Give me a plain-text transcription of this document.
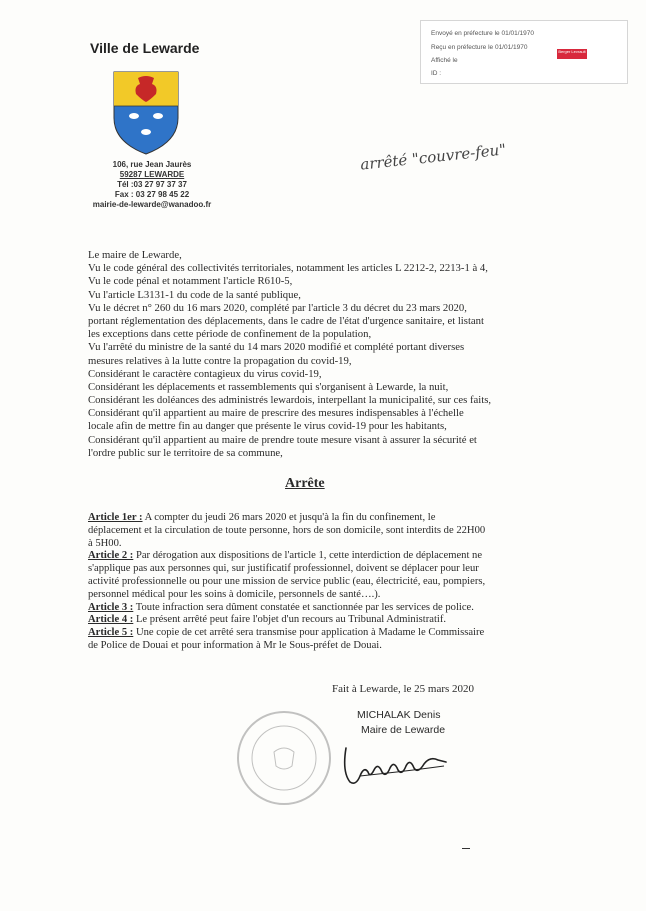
Ville de Lewarde
106, rue Jean Jaurès
59287 LEWARDE
Tél :03 27 97 37 37
Fax : 03 27 98 45 22
mairie-de-lewarde@wanadoo.fr
Envoyé en préfecture le 01/01/1970
Reçu en préfecture le 01/01/1970
Affiché le
ID :
Berger Levrault
arrêté "couvre-feu"
Le maire de Lewarde,
Vu le code général des collectivités territoriales, notamment les articles L 2212-2, 2213-1 à 4,
Vu le code pénal et notamment l'article R610-5,
Vu l'article L3131-1 du code de la santé publique,
Vu le décret n° 260 du 16 mars 2020, complété par l'article 3 du décret du 23 mars 2020,
portant réglementation des déplacements, dans le cadre de l'état d'urgence sanitaire, et listant
les exceptions dans cette période de confinement de la population,
Vu l'arrêté du ministre de la santé du 14 mars 2020 modifié et complété portant diverses
mesures relatives à la lutte contre la propagation du covid-19,
Considérant le caractère contagieux du virus covid-19,
Considérant les déplacements et rassemblements qui s'organisent à Lewarde, la nuit,
Considérant les doléances des administrés lewardois, interpellant la municipalité, sur ces faits,
Considérant qu'il appartient au maire de prescrire des mesures indispensables à l'échelle
locale afin de mettre fin au danger que présente le virus covid-19 pour les habitants,
Considérant qu'il appartient au maire de prendre toute mesure visant à assurer la sécurité et
l'ordre public sur le territoire de sa commune,
Arrête
Article 1er : A compter du jeudi 26 mars 2020 et jusqu'à la fin du confinement, le
déplacement et la circulation de toute personne, hors de son domicile, sont interdits de 22H00
à 5H00.
Article 2 : Par dérogation aux dispositions de l'article 1, cette interdiction de déplacement ne
s'applique pas aux personnes qui, sur justificatif professionnel, doivent se déplacer pour leur
activité professionnelle ou pour une mission de service public (eau, électricité, eau, pompiers,
personnel médical pour les soins à domicile, personnels de santé….).
Article 3 : Toute infraction sera dûment constatée et sanctionnée par les services de police.
Article 4 : Le présent arrêté peut faire l'objet d'un recours au Tribunal Administratif.
Article 5 : Une copie de cet arrêté sera transmise pour application à Madame le Commissaire
de Police de Douai et pour information à Mr le Sous-préfet de Douai.
Fait à Lewarde, le 25 mars 2020
MICHALAK Denis
Maire de Lewarde
